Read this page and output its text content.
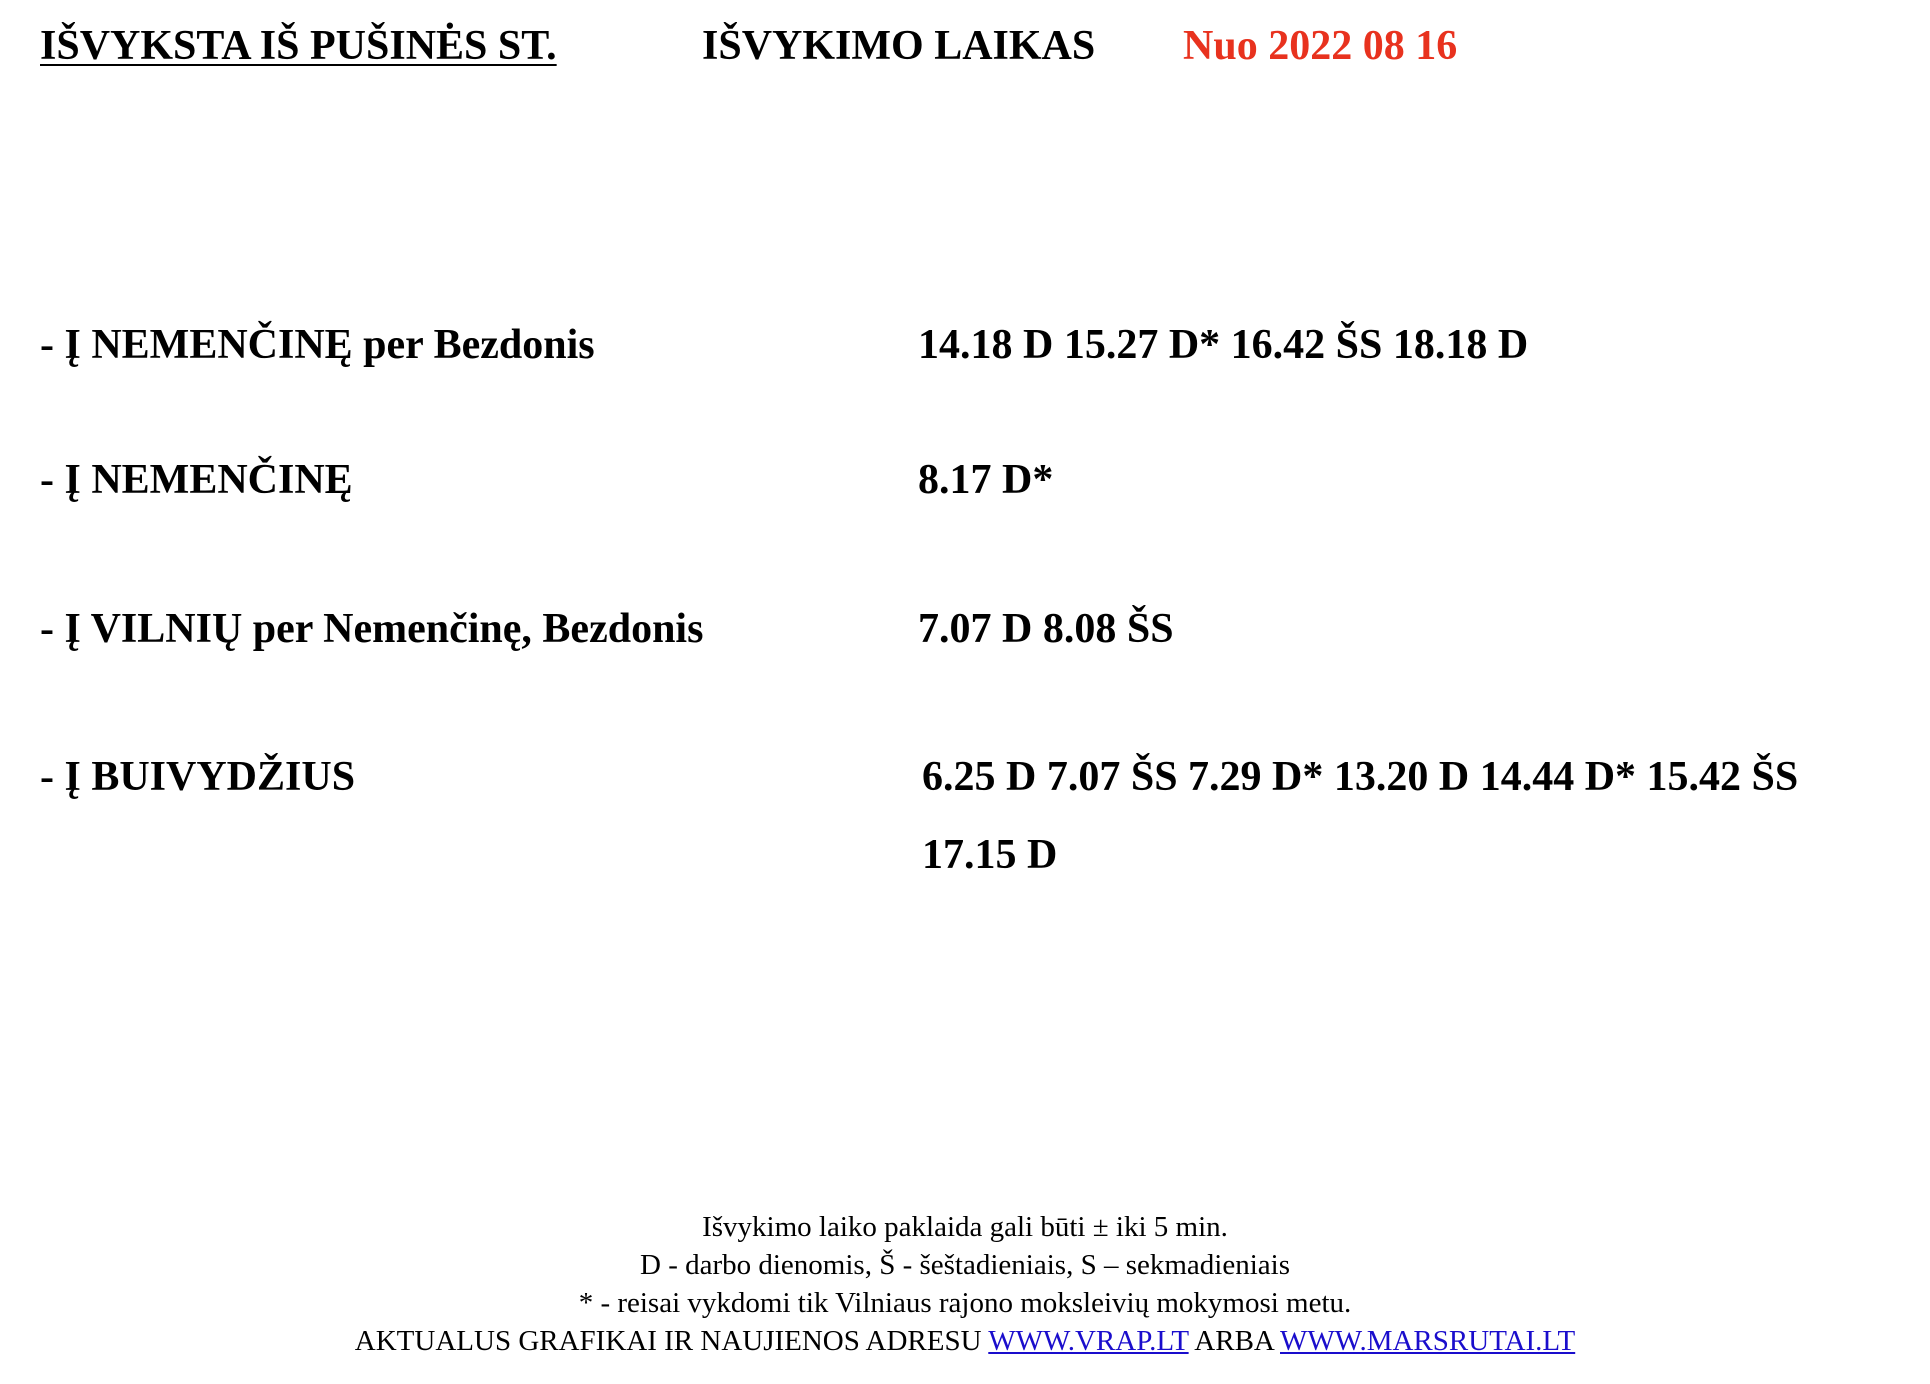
IŠVYKSTA IŠ PUŠINĖS ST.	IŠVYKIMO LAIKAS Nuo 2022 08 16
- Į NEMENČINĘ per Bezdonis	14.18 D 15.27 D* 16.42 ŠS 18.18 D
- Į NEMENČINĘ	8.17 D*
- Į VILNIŲ per Nemenčinę, Bezdonis	7.07 D 8.08 ŠS
- Į BUIVYDŽIUS	6.25 D 7.07 ŠS 7.29 D* 13.20 D 14.44 D* 15.42 ŠS
17.15 D
Išvykimo laiko paklaida gali būti ± iki 5 min.
D - darbo dienomis, Š - šeštadieniais, S – sekmadieniais
* - reisai vykdomi tik Vilniaus rajono moksleivių mokymosi metu.
AKTUALUS GRAFIKAI IR NAUJIENOS ADRESU WWW.VRAP.LT ARBA WWW.MARSRUTAI.LT
